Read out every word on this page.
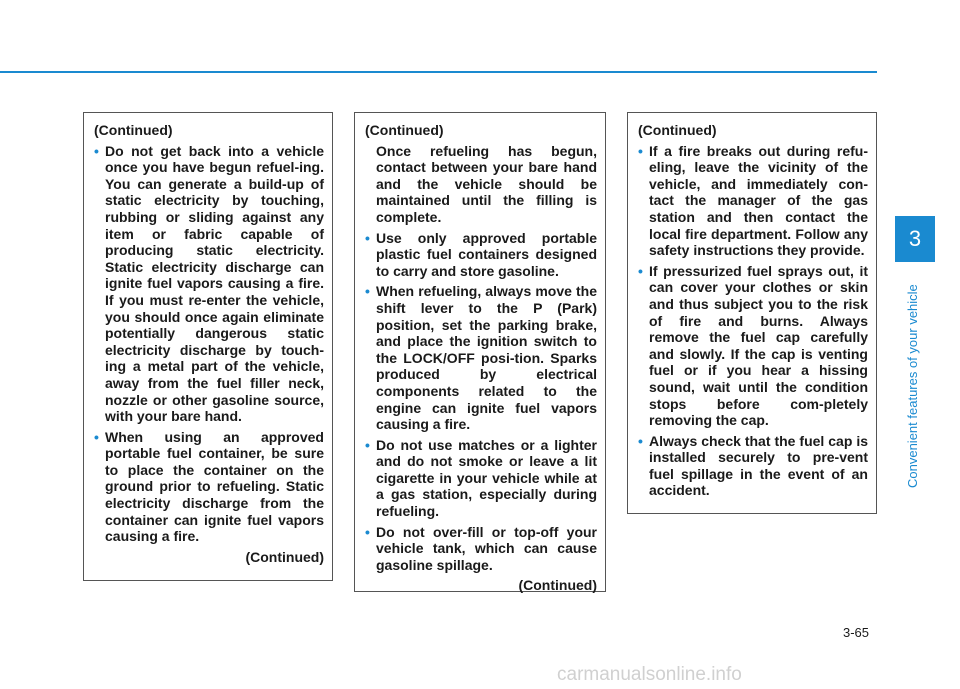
(Continued)
• Do not get back into a vehicle once you have begun refuel-ing. You can generate a build-up of static electricity by touching, rubbing or sliding against any item or fabric capable of producing static electricity. Static electricity discharge can ignite fuel vapors causing a fire. If you must re-enter the vehicle, you should once again eliminate potentially dangerous static electricity discharge by touch-ing a metal part of the vehicle, away from the fuel filler neck, nozzle or other gasoline source, with your bare hand.
• When using an approved portable fuel container, be sure to place the container on the ground prior to refueling. Static electricity discharge from the container can ignite fuel vapors causing a fire.
(Continued)
(Continued)
Once refueling has begun, contact between your bare hand and the vehicle should be maintained until the filling is complete.
• Use only approved portable plastic fuel containers designed to carry and store gasoline.
• When refueling, always move the shift lever to the P (Park) position, set the parking brake, and place the ignition switch to the LOCK/OFF posi-tion. Sparks produced by electrical components related to the engine can ignite fuel vapors causing a fire.
• Do not use matches or a lighter and do not smoke or leave a lit cigarette in your vehicle while at a gas station, especially during refueling.
• Do not over-fill or top-off your vehicle tank, which can cause gasoline spillage.
(Continued)
(Continued)
• If a fire breaks out during refu-eling, leave the vicinity of the vehicle, and immediately con-tact the manager of the gas station and then contact the local fire department. Follow any safety instructions they provide.
• If pressurized fuel sprays out, it can cover your clothes or skin and thus subject you to the risk of fire and burns. Always remove the fuel cap carefully and slowly. If the cap is venting fuel or if you hear a hissing sound, wait until the condition stops before com-pletely removing the cap.
• Always check that the fuel cap is installed securely to pre-vent fuel spillage in the event of an accident.
3
Convenient features of your vehicle
3-65
carmanualsonline.info
